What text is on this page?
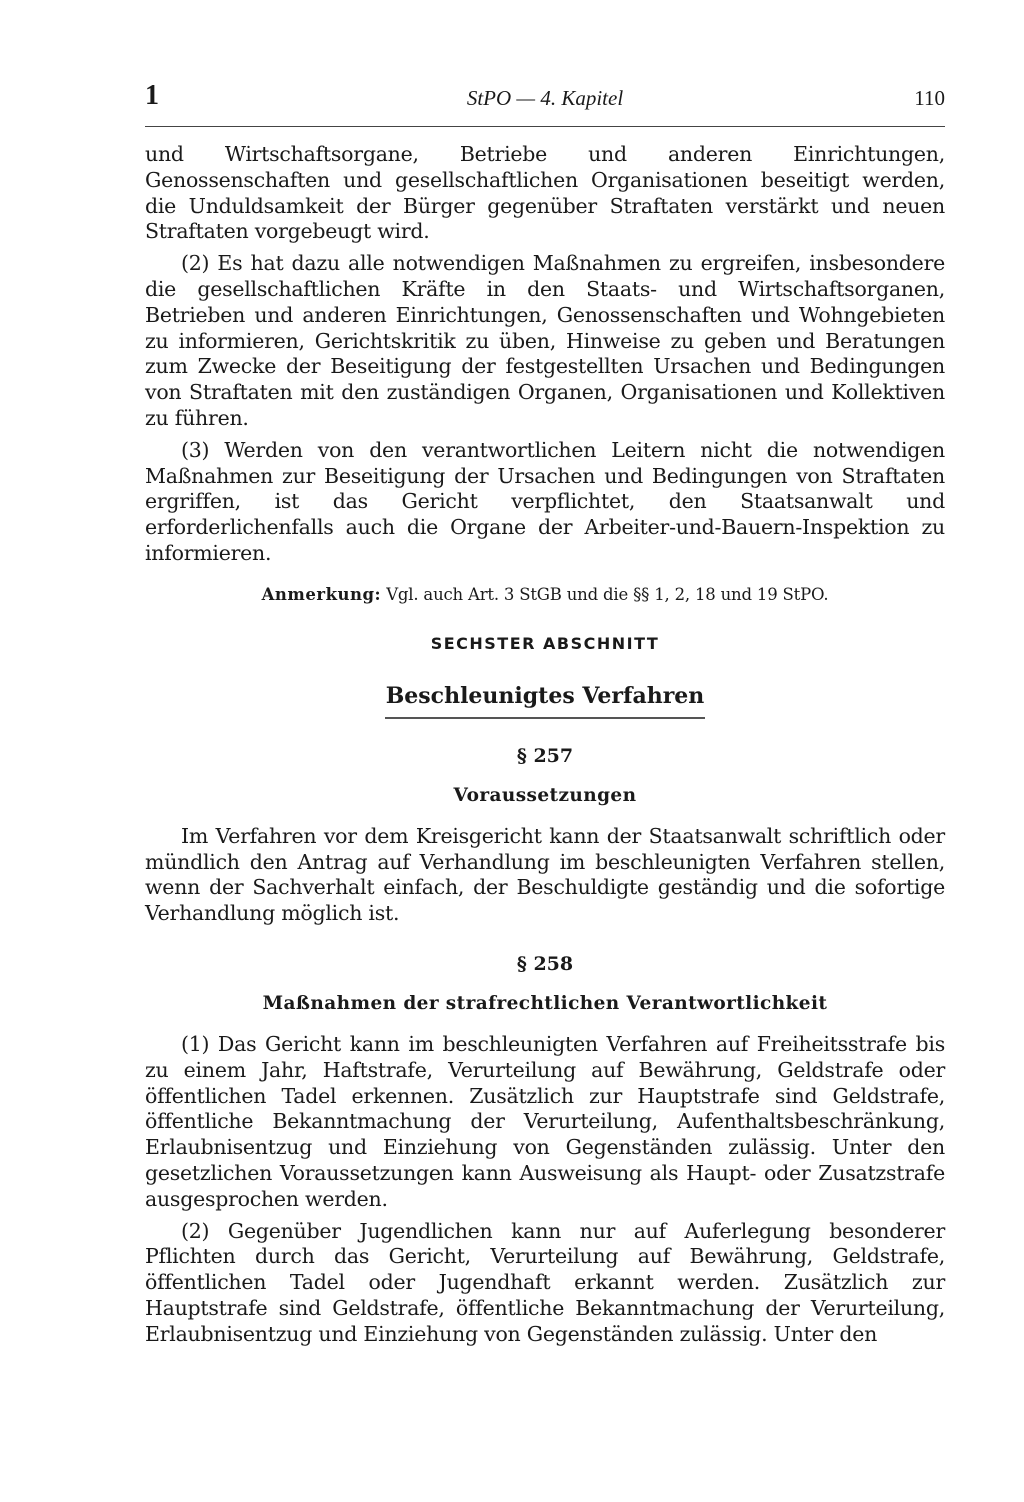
1	StPO — 4. Kapitel	110

und Wirtschaftsorgane, Betriebe und anderen Einrichtungen, Genossenschaften und gesellschaftlichen Organisationen beseitigt werden, die Unduldsamkeit der Bürger gegenüber Straftaten verstärkt und neuen Straftaten vorgebeugt wird.

(2) Es hat dazu alle notwendigen Maßnahmen zu ergreifen, insbesondere die gesellschaftlichen Kräfte in den Staats- und Wirtschaftsorganen, Betrieben und anderen Einrichtungen, Genossenschaften und Wohngebieten zu informieren, Gerichtskritik zu üben, Hinweise zu geben und Beratungen zum Zwecke der Beseitigung der festgestellten Ursachen und Bedingungen von Straftaten mit den zuständigen Organen, Organisationen und Kollektiven zu führen.

(3) Werden von den verantwortlichen Leitern nicht die notwendigen Maßnahmen zur Beseitigung der Ursachen und Bedingungen von Straftaten ergriffen, ist das Gericht verpflichtet, den Staatsanwalt und erforderlichenfalls auch die Organe der Arbeiter-und-Bauern-Inspektion zu informieren.

Anmerkung: Vgl. auch Art. 3 StGB und die §§ 1, 2, 18 und 19 StPO.
SECHSTER ABSCHNITT
Beschleunigtes Verfahren
§ 257
Voraussetzungen

Im Verfahren vor dem Kreisgericht kann der Staatsanwalt schriftlich oder mündlich den Antrag auf Verhandlung im beschleunigten Verfahren stellen, wenn der Sachverhalt einfach, der Beschuldigte geständig und die sofortige Verhandlung möglich ist.

§ 258
Maßnahmen der strafrechtlichen Verantwortlichkeit

(1) Das Gericht kann im beschleunigten Verfahren auf Freiheitsstrafe bis zu einem Jahr, Haftstrafe, Verurteilung auf Bewährung, Geldstrafe oder öffentlichen Tadel erkennen. Zusätzlich zur Hauptstrafe sind Geldstrafe, öffentliche Bekanntmachung der Verurteilung, Aufenthaltsbeschränkung, Erlaubnisentzug und Einziehung von Gegenständen zulässig. Unter den gesetzlichen Voraussetzungen kann Ausweisung als Haupt- oder Zusatzstrafe ausgesprochen werden.

(2) Gegenüber Jugendlichen kann nur auf Auferlegung besonderer Pflichten durch das Gericht, Verurteilung auf Bewährung, Geldstrafe, öffentlichen Tadel oder Jugendhaft erkannt werden. Zusätzlich zur Hauptstrafe sind Geldstrafe, öffentliche Bekanntmachung der Verurteilung, Erlaubnisentzug und Einziehung von Gegenständen zulässig. Unter den
